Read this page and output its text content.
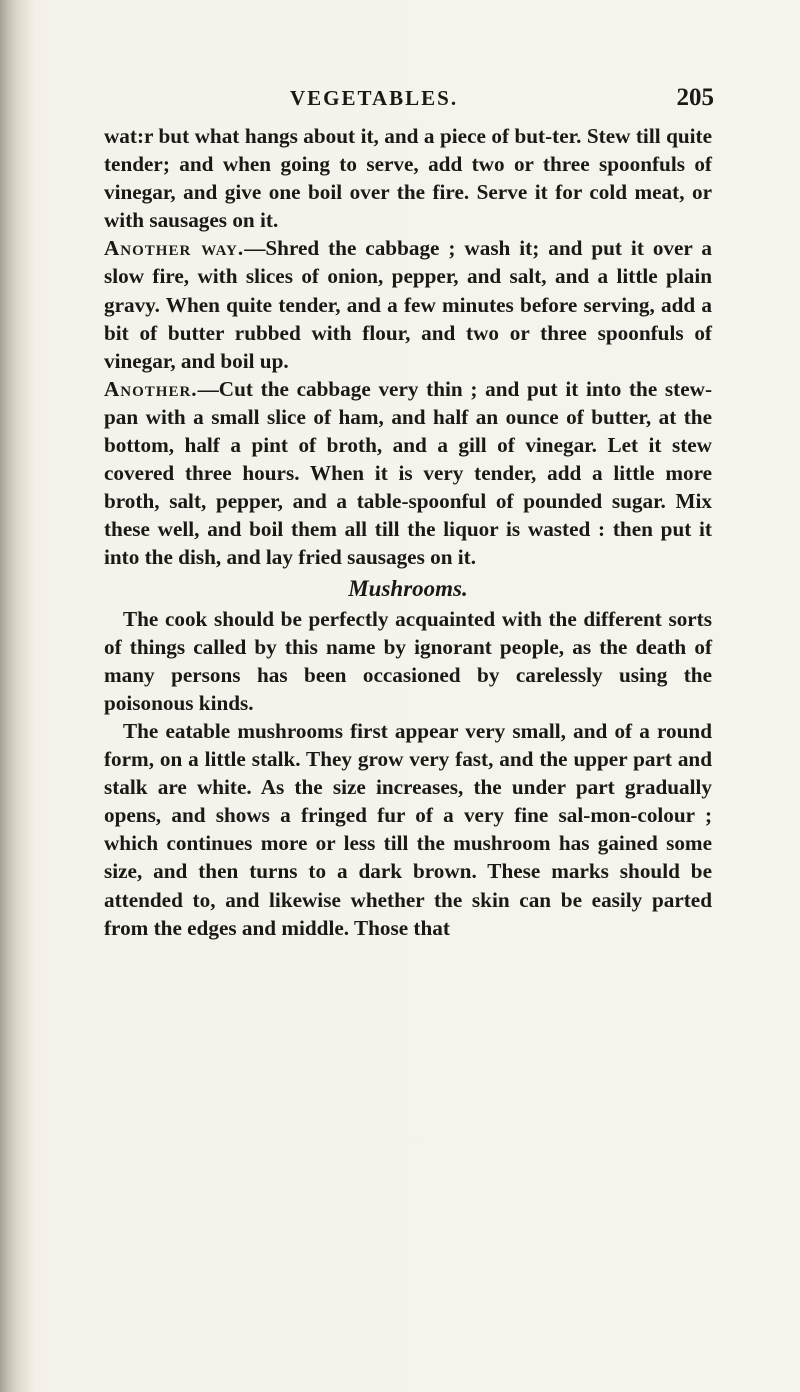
VEGETABLES.	205

wat:r but what hangs about it, and a piece of but-ter. Stew till quite tender; and when going to serve, add two or three spoonfuls of vinegar, and give one boil over the fire. Serve it for cold meat, or with sausages on it.

Another way.—Shred the cabbage ; wash it; and put it over a slow fire, with slices of onion, pepper, and salt, and a little plain gravy. When quite tender, and a few minutes before serving, add a bit of butter rubbed with flour, and two or three spoonfuls of vinegar, and boil up.

Another.—Cut the cabbage very thin ; and put it into the stew-pan with a small slice of ham, and half an ounce of butter, at the bottom, half a pint of broth, and a gill of vinegar. Let it stew covered three hours. When it is very tender, add a little more broth, salt, pepper, and a table-spoonful of pounded sugar. Mix these well, and boil them all till the liquor is wasted : then put it into the dish, and lay fried sausages on it.

Mushrooms.

The cook should be perfectly acquainted with the different sorts of things called by this name by ignorant people, as the death of many persons has been occasioned by carelessly using the poisonous kinds.

The eatable mushrooms first appear very small, and of a round form, on a little stalk. They grow very fast, and the upper part and stalk are white. As the size increases, the under part gradually opens, and shows a fringed fur of a very fine sal-mon-colour ; which continues more or less till the mushroom has gained some size, and then turns to a dark brown. These marks should be attended to, and likewise whether the skin can be easily parted from the edges and middle. Those that
